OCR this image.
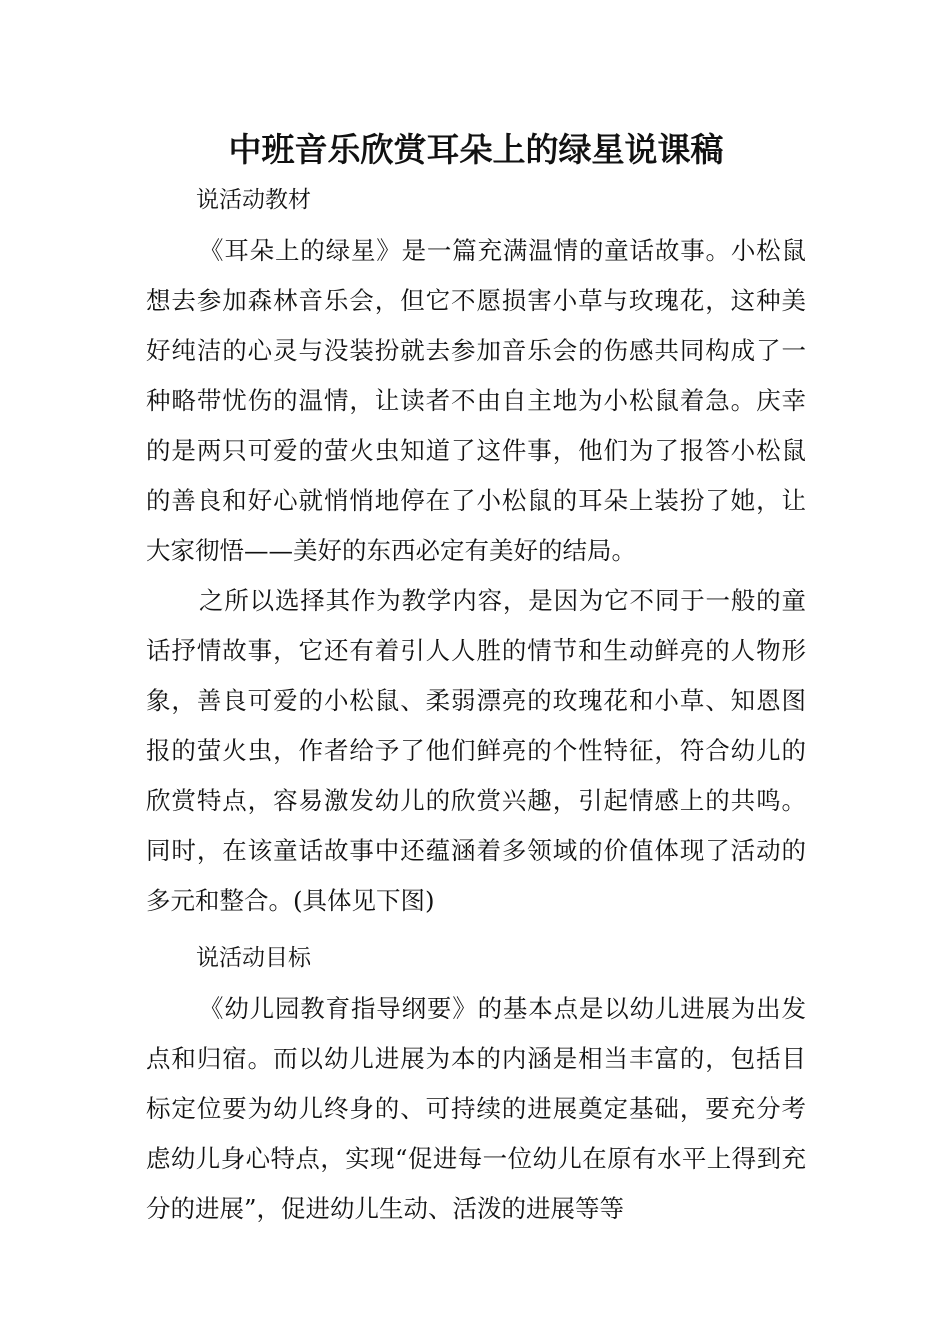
中班音乐欣赏耳朵上的绿星说课稿

说活动教材

《耳朵上的绿星》是一篇充满温情的童话故事。小松鼠想去参加森林音乐会，但它不愿损害小草与玫瑰花，这种美好纯洁的心灵与没装扮就去参加音乐会的伤感共同构成了一种略带忧伤的温情，让读者不由自主地为小松鼠着急。庆幸的是两只可爱的萤火虫知道了这件事，他们为了报答小松鼠的善良和好心就悄悄地停在了小松鼠的耳朵上装扮了她，让大家彻悟——美好的东西必定有美好的结局。

之所以选择其作为教学内容，是因为它不同于一般的童话抒情故事，它还有着引人人胜的情节和生动鲜亮的人物形象，善良可爱的小松鼠、柔弱漂亮的玫瑰花和小草、知恩图报的萤火虫，作者给予了他们鲜亮的个性特征，符合幼儿的欣赏特点，容易激发幼儿的欣赏兴趣，引起情感上的共鸣。同时，在该童话故事中还蕴涵着多领域的价值体现了活动的多元和整合。(具体见下图)

说活动目标

《幼儿园教育指导纲要》的基本点是以幼儿进展为出发点和归宿。而以幼儿进展为本的内涵是相当丰富的，包括目标定位要为幼儿终身的、可持续的进展奠定基础，要充分考虑幼儿身心特点，实现“促进每一位幼儿在原有水平上得到充分的进展”，促进幼儿生动、活泼的进展等等
